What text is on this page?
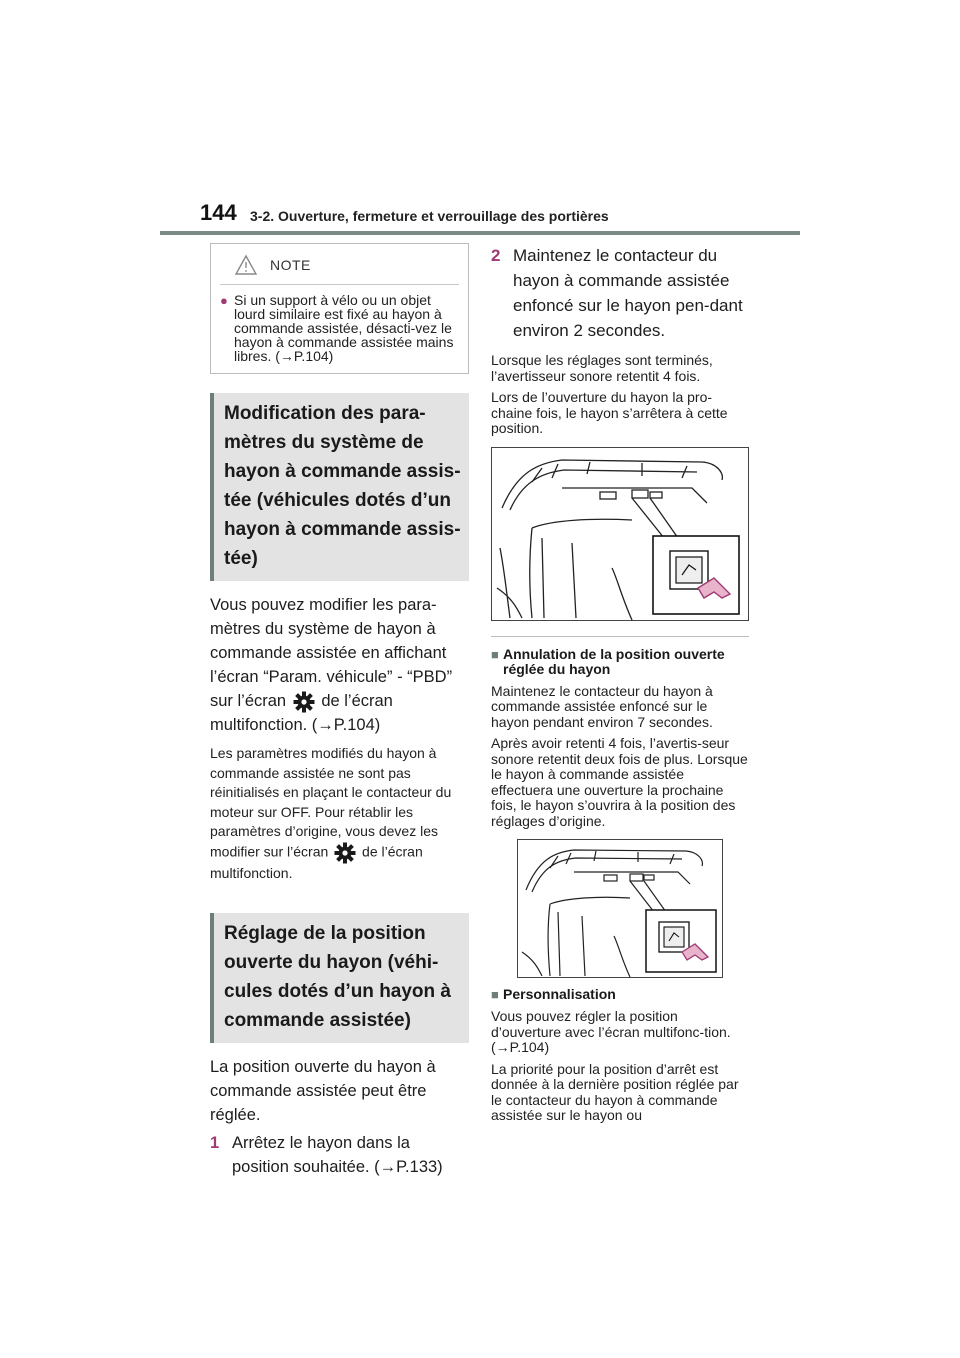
144 3-2. Ouverture, fermeture et verrouillage des portières
NOTE
● Si un support à vélo ou un objet lourd similaire est fixé au hayon à commande assistée, désacti-vez le hayon à commande assistée mains libres. (→P.104)
Modification des para-mètres du système de hayon à commande assis-tée (véhicules dotés d’un hayon à commande assis-tée)
Vous pouvez modifier les para-mètres du système de hayon à commande assistée en affichant l’écran “Param. véhicule” - “PBD” sur l’écran de l’écran multifonction. (→P.104)
Les paramètres modifiés du hayon à commande assistée ne sont pas réinitialisés en plaçant le contacteur du moteur sur OFF. Pour rétablir les paramètres d’origine, vous devez les modifier sur l’écran de l’écran multifonction.
Réglage de la position ouverte du hayon (véhi-cules dotés d’un hayon à commande assistée)
La position ouverte du hayon à commande assistée peut être réglée.
1 Arrêtez le hayon dans la position souhaitée. (→P.133)
2 Maintenez le contacteur du hayon à commande assistée enfoncé sur le hayon pen-dant environ 2 secondes.
Lorsque les réglages sont terminés, l’avertisseur sonore retentit 4 fois.
Lors de l’ouverture du hayon la pro-chaine fois, le hayon s’arrêtera à cette position.
■ Annulation de la position ouverte réglée du hayon
Maintenez le contacteur du hayon à commande assistée enfoncé sur le hayon pendant environ 7 secondes.
Après avoir retenti 4 fois, l’avertis-seur sonore retentit deux fois de plus. Lorsque le hayon à commande assistée effectuera une ouverture la prochaine fois, le hayon s’ouvrira à la position des réglages d’origine.
■ Personnalisation
Vous pouvez régler la position d’ouverture avec l’écran multifonc-tion. (→P.104)
La priorité pour la position d’arrêt est donnée à la dernière position réglée par le contacteur du hayon à commande assistée sur le hayon ou
